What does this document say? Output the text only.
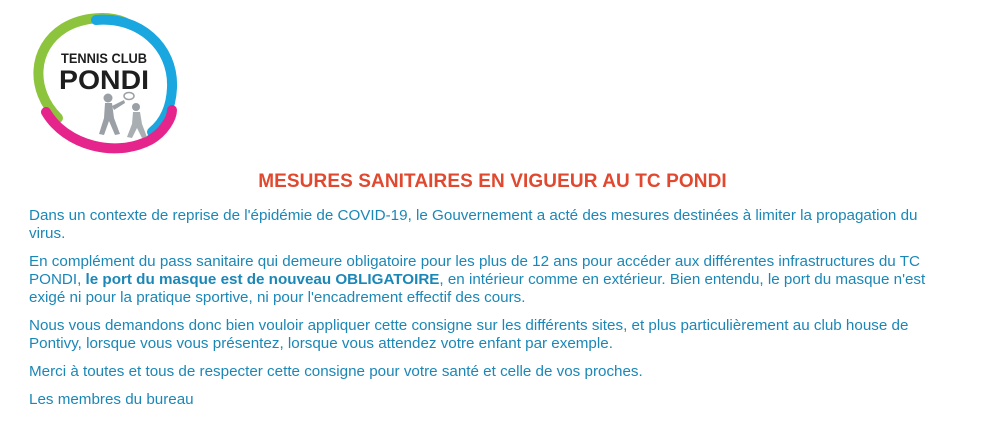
TENNIS CLUB
PONDI
MESURES SANITAIRES EN VIGUEUR AU TC PONDI

Dans un contexte de reprise de l'épidémie de COVID-19, le Gouvernement a acté des mesures destinées à limiter la propagation du virus.

En complément du pass sanitaire qui demeure obligatoire pour les plus de 12 ans pour accéder aux différentes infrastructures du TC PONDI, le port du masque est de nouveau OBLIGATOIRE, en intérieur comme en extérieur. Bien entendu, le port du masque n'est exigé ni pour la pratique sportive, ni pour l'encadrement effectif des cours.

Nous vous demandons donc bien vouloir appliquer cette consigne sur les différents sites, et plus particulièrement au club house de Pontivy, lorsque vous vous présentez, lorsque vous attendez votre enfant par exemple.

Merci à toutes et tous de respecter cette consigne pour votre santé et celle de vos proches.

Les membres du bureau
